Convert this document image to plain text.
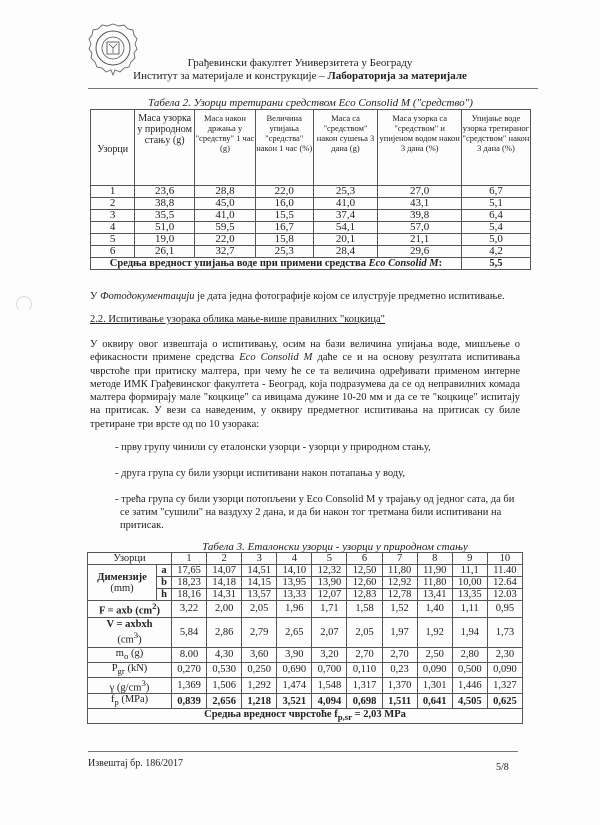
Грађевински факултет Универзитета у Београду
Институт за материјале и конструкције – Лабораторија за материјале
Табела 2. Узорци третирани средством Eco Consolid M ("средство")
Узорци	Маса узорка у природном стању (g)	Маса након држања у "средству" 1 час (g)	Величина упијања "средства" након 1 час (%)	Маса са "средством" након сушења 3 дана (g)	Маса узорка са "средством" и упијеном водом након 3 дана (%)	Упијање воде узорка третираног "средством" након 3 дана (%)
1	23,6	28,8	22,0	25,3	27,0	6,7
2	38,8	45,0	16,0	41,0	43,1	5,1
3	35,5	41,0	15,5	37,4	39,8	6,4
4	51,0	59,5	16,7	54,1	57,0	5,4
5	19,0	22,0	15,8	20,1	21,1	5,0
6	26,1	32,7	25,3	28,4	29,6	4,2
Средња вредност упијања воде при примени средства Eco Consolid M:						5,5
У Фотодокументацији је дата једна фотографије којом се илуструје предметно испитивање.
2.2. Испитивање узорака облика мање-више правилних "коцкица"
У оквиру овог извештаја о испитивању, осим на бази величина упијања воде, мишљење о ефикасности примене средства Eco Consolid M даће се и на основу резултата испитивања чврстоће при притиску малтера, при чему ће се та величина одређивати применом интерне методе ИМК Грађевинског факултета - Београд, која подразумева да се од неправилних комада малтера формирају мале "коцкице" са ивицама дужине 10-20 мм и да се те "коцкице" испитају на притисак. У вези са наведеним, у оквиру предметног испитивања на притисак су биле третиране три врсте од по 10 узорака:
- прву групу чинили су еталонски узорци - узорци у природном стању,
- друга група су били узорци испитивани након потапања у воду,
- трећа група су били узорци потопљени у Eco Consolid M у трајању од једног сата, да би се затим "сушили" на ваздуху 2 дана, и да би након тог третмана били испитивани на притисак.
Табела 3. Еталонски узорци - узорци у природном стању
Узорци		1	2	3	4	5	6	7	8	9	10
Димензије
(mm)	a	17,65	14,07	14,51	14,10	12,32	12,50	11,80	11,90	11,1	11.40
	b	18,23	14,18	14,15	13,95	13,90	12,60	12,92	11,80	10,00	12.64
	h	18,16	14,31	13,57	13,33	12,07	12,83	12,78	13,41	13,35	12.03
F = axb $(cm^2)$		3,22	2,00	2,05	1,96	1,71	1,58	1,52	1,40	1,11	0,95
V = axbxh
$(cm^3)$		5,84	2,86	2,79	2,65	2,07	2,05	1,97	1,92	1,94	1,73
$m_o$ (g)		8.00	4,30	3,60	3,90	3,20	2,70	2,70	2,50	2,80	2,30
$P_{gr}$ (kN)		0,270	0,530	0,250	0,690	0,700	0,110	0,23	0,090	0,500	0,090
γ $(g/cm^3)$		1,369	1,506	1,292	1,474	1,548	1,317	1,370	1,301	1,446	1,327
$f_p$ (MPa)		0,839	2,656	1,218	3,521	4,094	0,698	1,511	0,641	4,505	0,625
Средња вредност чврстоће $f_{p,sr} = 2,03$ MPa											
Извештај бр. 186/2017	5/8
